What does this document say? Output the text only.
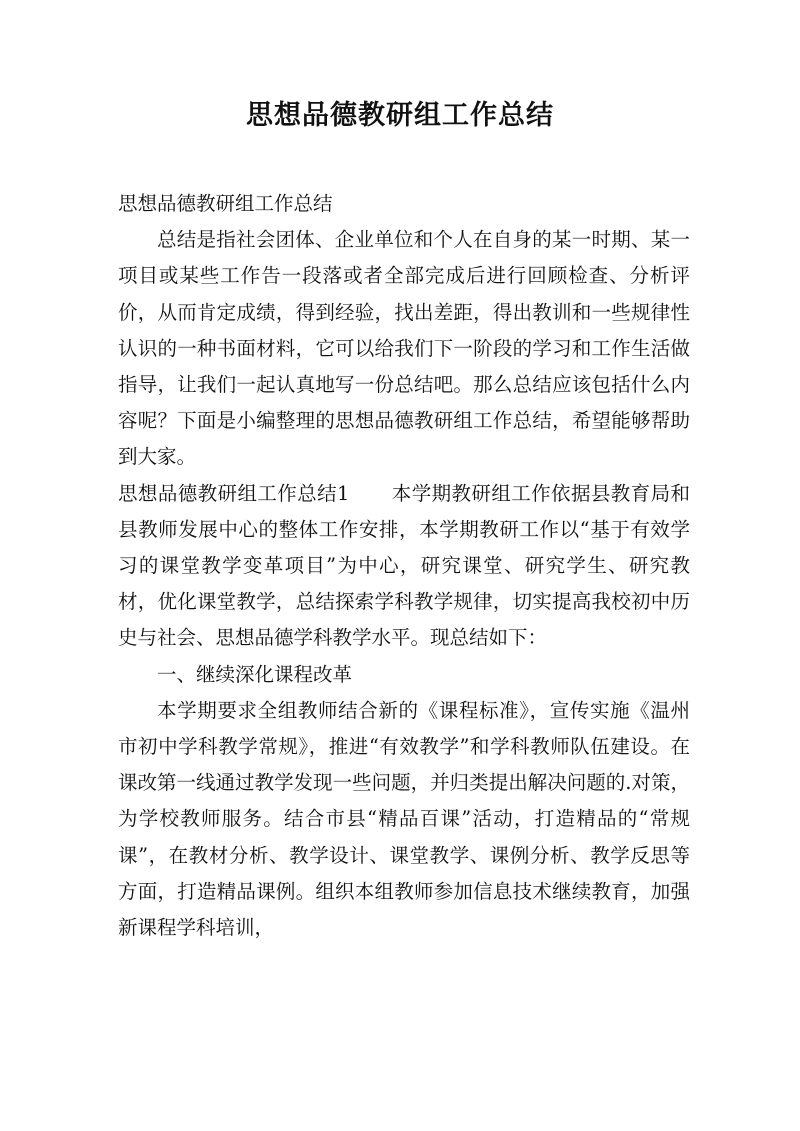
思想品德教研组工作总结

思想品德教研组工作总结

总结是指社会团体、企业单位和个人在自身的某一时期、某一项目或某些工作告一段落或者全部完成后进行回顾检查、分析评价，从而肯定成绩，得到经验，找出差距，得出教训和一些规律性认识的一种书面材料，它可以给我们下一阶段的学习和工作生活做指导，让我们一起认真地写一份总结吧。那么总结应该包括什么内容呢？下面是小编整理的思想品德教研组工作总结，希望能够帮助到大家。

思想品德教研组工作总结1 本学期教研组工作依据县教育局和县教师发展中心的整体工作安排，本学期教研工作以“基于有效学习的课堂教学变革项目”为中心，研究课堂、研究学生、研究教材，优化课堂教学，总结探索学科教学规律，切实提高我校初中历史与社会、思想品德学科教学水平。现总结如下：

一、继续深化课程改革

本学期要求全组教师结合新的《课程标准》，宣传实施《温州市初中学科教学常规》，推进“有效教学”和学科教师队伍建设。在课改第一线通过教学发现一些问题，并归类提出解决问题的.对策，为学校教师服务。结合市县“精品百课”活动，打造精品的“常规课”，在教材分析、教学设计、课堂教学、课例分析、教学反思等方面，打造精品课例。组织本组教师参加信息技术继续教育，加强新课程学科培训，
